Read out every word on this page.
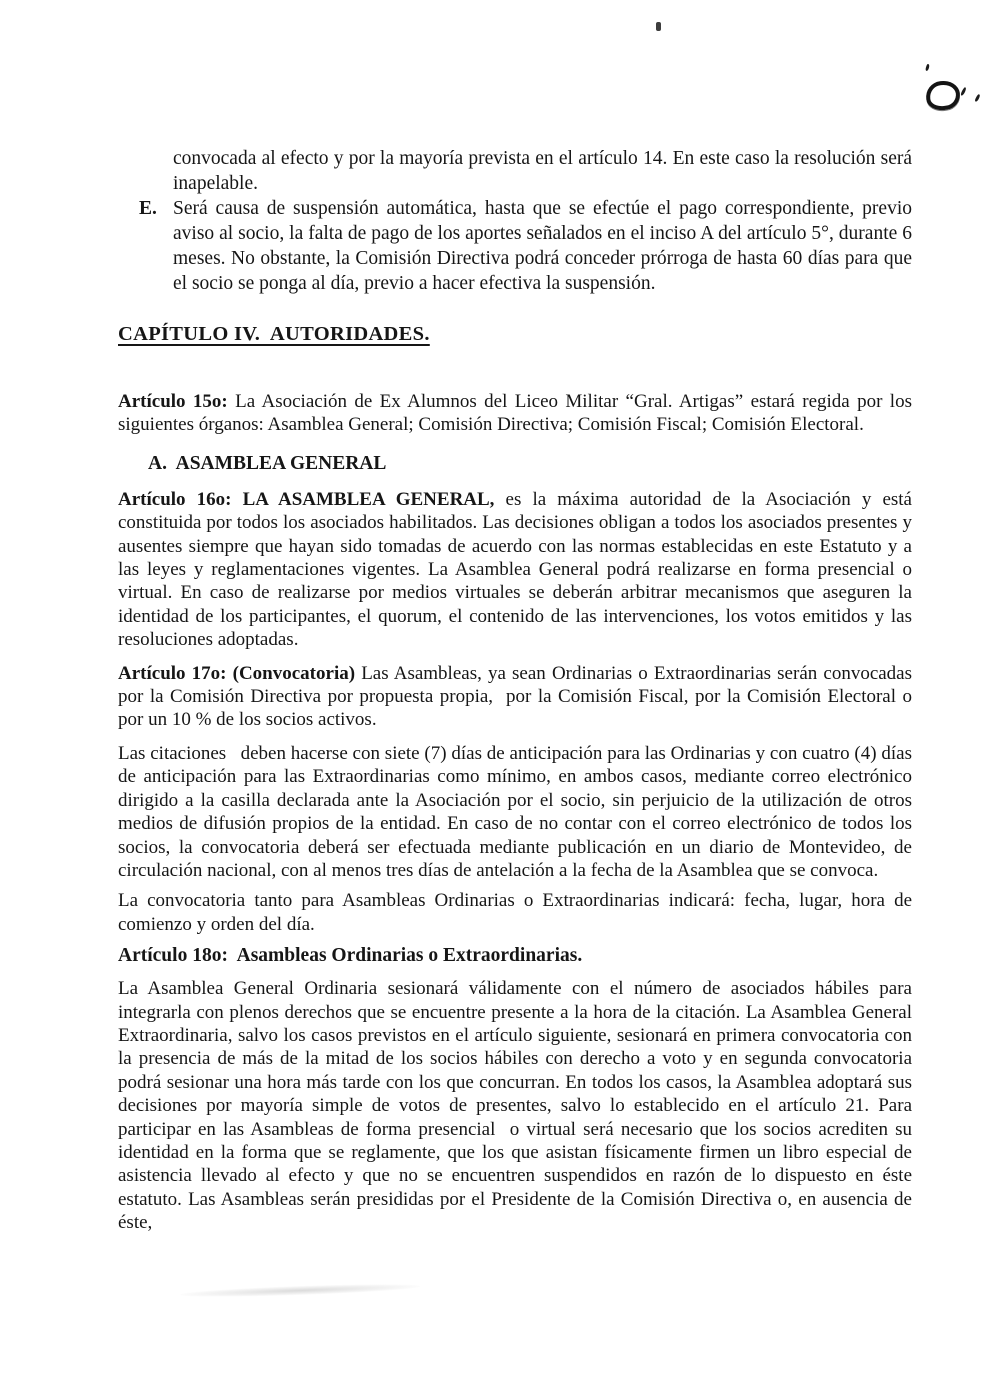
convocada al efecto y por la mayoría prevista en el artículo 14. En este caso la resolución será inapelable.
E. Será causa de suspensión automática, hasta que se efectúe el pago correspondiente, previo aviso al socio, la falta de pago de los aportes señalados en el inciso A del artículo 5°, durante 6 meses. No obstante, la Comisión Directiva podrá conceder prórroga de hasta 60 días para que el socio se ponga al día, previo a hacer efectiva la suspensión.
CAPÍTULO IV.  AUTORIDADES.

Artículo 15o: La Asociación de Ex Alumnos del Liceo Militar “Gral. Artigas” estará regida por los siguientes órganos: Asamblea General; Comisión Directiva; Comisión Fiscal; Comisión Electoral.

A.  ASAMBLEA GENERAL

Artículo 16o: LA ASAMBLEA GENERAL, es la máxima autoridad de la Asociación y está constituida por todos los asociados habilitados. Las decisiones obligan a todos los asociados presentes y ausentes siempre que hayan sido tomadas de acuerdo con las normas establecidas en este Estatuto y a las leyes y reglamentaciones vigentes. La Asamblea General podrá realizarse en forma presencial o virtual. En caso de realizarse por medios virtuales se deberán arbitrar mecanismos que aseguren la identidad de los participantes, el quorum, el contenido de las intervenciones, los votos emitidos y las resoluciones adoptadas.

Artículo 17o: (Convocatoria) Las Asambleas, ya sean Ordinarias o Extraordinarias serán convocadas por la Comisión Directiva por propuesta propia,  por la Comisión Fiscal, por la Comisión Electoral o por un 10 % de los socios activos.

Las citaciones   deben hacerse con siete (7) días de anticipación para las Ordinarias y con cuatro (4) días de anticipación para las Extraordinarias como mínimo, en ambos casos, mediante correo electrónico dirigido a la casilla declarada ante la Asociación por el socio, sin perjuicio de la utilización de otros medios de difusión propios de la entidad. En caso de no contar con el correo electrónico de todos los socios, la convocatoria deberá ser efectuada mediante publicación en un diario de Montevideo, de circulación nacional, con al menos tres días de antelación a la fecha de la Asamblea que se convoca.

La convocatoria tanto para Asambleas Ordinarias o Extraordinarias indicará: fecha, lugar, hora de comienzo y orden del día.

Artículo 18o:  Asambleas Ordinarias o Extraordinarias.

La Asamblea General Ordinaria sesionará válidamente con el número de asociados hábiles para integrarla con plenos derechos que se encuentre presente a la hora de la citación. La Asamblea General Extraordinaria, salvo los casos previstos en el artículo siguiente, sesionará en primera convocatoria con la presencia de más de la mitad de los socios hábiles con derecho a voto y en segunda convocatoria podrá sesionar una hora más tarde con los que concurran. En todos los casos, la Asamblea adoptará sus decisiones por mayoría simple de votos de presentes, salvo lo establecido en el artículo 21. Para participar en las Asambleas de forma presencial  o virtual será necesario que los socios acrediten su identidad en la forma que se reglamente, que los que asistan físicamente firmen un libro especial de asistencia llevado al efecto y que no se encuentren suspendidos en razón de lo dispuesto en éste estatuto. Las Asambleas serán presididas por el Presidente de la Comisión Directiva o, en ausencia de éste,
